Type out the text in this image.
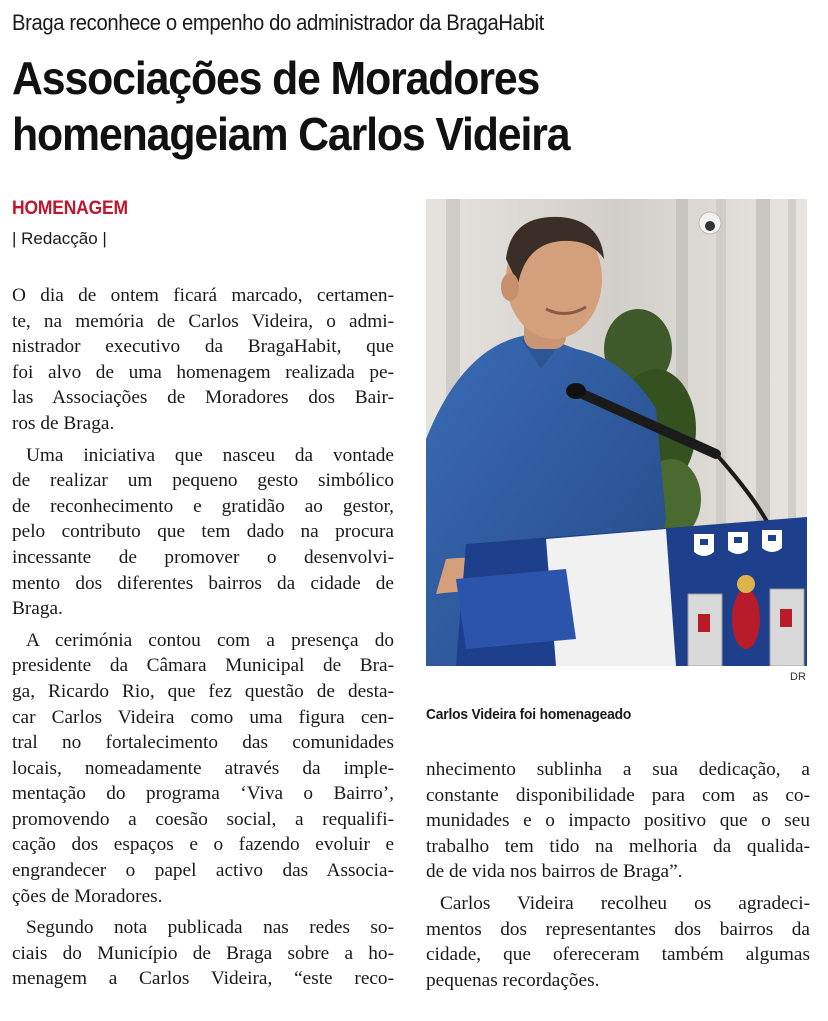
Braga reconhece o empenho do administrador da BragaHabit
Associações de Moradores
homenageiam Carlos Videira
HOMENAGEM
| Redacção |
O dia de ontem ficará marcado, certamen-
te, na memória de Carlos Videira, o admi-
nistrador executivo da BragaHabit, que
foi alvo de uma homenagem realizada pe-
las Associações de Moradores dos Bair-
ros de Braga.
Uma iniciativa que nasceu da vontade
de realizar um pequeno gesto simbólico
de reconhecimento e gratidão ao gestor,
pelo contributo que tem dado na procura
incessante de promover o desenvolvi-
mento dos diferentes bairros da cidade de
Braga.
A cerimónia contou com a presença do
presidente da Câmara Municipal de Bra-
ga, Ricardo Rio, que fez questão de desta-
car Carlos Videira como uma figura cen-
tral no fortalecimento das comunidades
locais, nomeadamente através da imple-
mentação do programa ‘Viva o Bairro’,
promovendo a coesão social, a requalifi-
cação dos espaços e o fazendo evoluir e
engrandecer o papel activo das Associa-
ções de Moradores.
Segundo nota publicada nas redes so-
ciais do Município de Braga sobre a ho-
menagem a Carlos Videira, “este reco-
nhecimento sublinha a sua dedicação, a
constante disponibilidade para com as co-
munidades e o impacto positivo que o seu
trabalho tem tido na melhoria da qualida-
de de vida nos bairros de Braga”.
Carlos Videira recolheu os agradeci-
mentos dos representantes dos bairros da
cidade, que ofereceram também algumas
pequenas recordações.
DR
Carlos Videira foi homenageado
